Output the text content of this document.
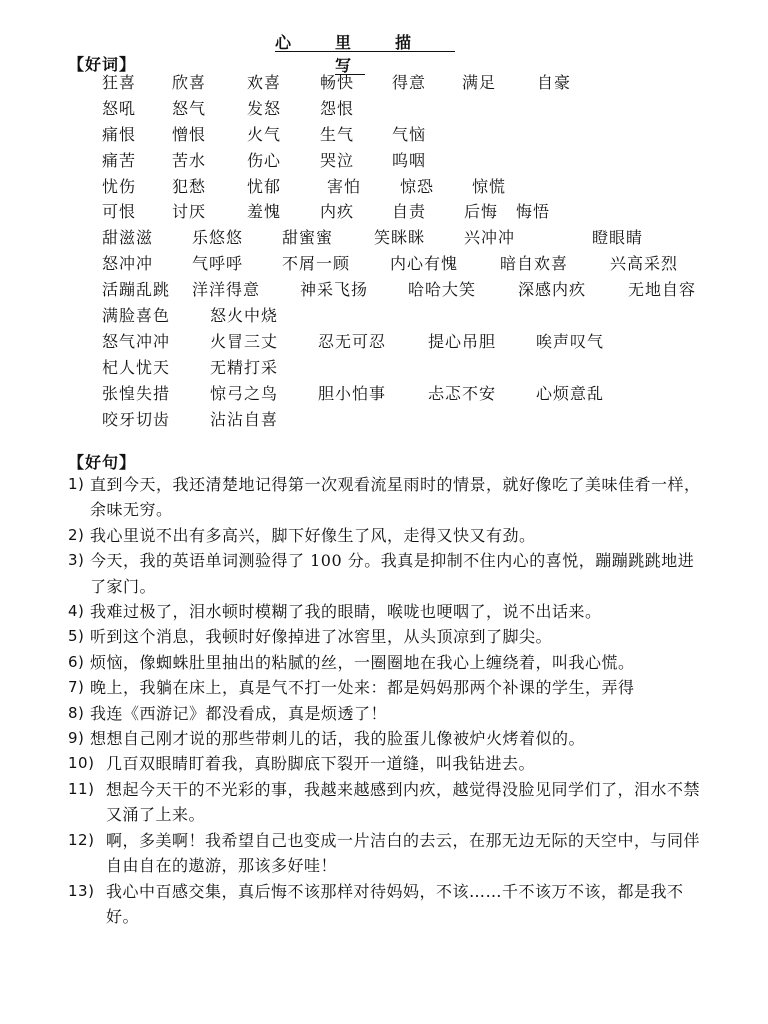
心　里　描　写
【好词】
狂喜 欣喜	欢喜 畅快 得意 满足	自豪
怒吼 怒气	发怒 怨恨
痛恨 憎恨	火气 生气 气恼
痛苦 苦水	伤心 哭泣 呜咽
忧伤 犯愁	忧郁	害怕 惊恐 惊慌
可恨 讨厌	羞愧 内疚 自责 后悔 悔悟
甜滋滋 乐悠悠 甜蜜蜜	笑眯眯 兴冲冲	瞪眼睛
怒冲冲 气呼呼 不屑一顾 内心有愧	暗自欢喜	兴高采烈
活蹦乱跳 洋洋得意 神采飞扬 哈哈大笑	深感内疚	无地自容
满脸喜色 怒火中烧
怒气冲冲 火冒三丈 忍无可忍	提心吊胆 唉声叹气
杞人忧天 无精打采
张惶失措 惊弓之鸟 胆小怕事	忐忑不安 心烦意乱
咬牙切齿 沾沾自喜
【好句】
1) 直到今天，我还清楚地记得第一次观看流星雨时的情景，就好像吃了美味佳肴一样，余味无穷。
2) 我心里说不出有多高兴，脚下好像生了风，走得又快又有劲。
3) 今天，我的英语单词测验得了 100 分。我真是抑制不住内心的喜悦，蹦蹦跳跳地进了家门。
4) 我难过极了，泪水顿时模糊了我的眼睛，喉咙也哽咽了，说不出话来。
5) 听到这个消息，我顿时好像掉进了冰窖里，从头顶凉到了脚尖。
6) 烦恼，像蜘蛛肚里抽出的粘腻的丝，一圈圈地在我心上缠绕着，叫我心慌。
7) 晚上，我躺在床上，真是气不打一处来：都是妈妈那两个补课的学生，弄得
8) 我连《西游记》都没看成，真是烦透了！
9) 想想自己刚才说的那些带刺儿的话，我的脸蛋儿像被炉火烤着似的。
10) 几百双眼睛盯着我，真盼脚底下裂开一道缝，叫我钻进去。
11) 想起今天干的不光彩的事，我越来越感到内疚，越觉得没脸见同学们了，泪水不禁又涌了上来。
12) 啊，多美啊！我希望自己也变成一片洁白的去云，在那无边无际的天空中，与同伴自由自在的遨游，那该多好哇！
13) 我心中百感交集，真后悔不该那样对待妈妈，不该……千不该万不该，都是我不好。
